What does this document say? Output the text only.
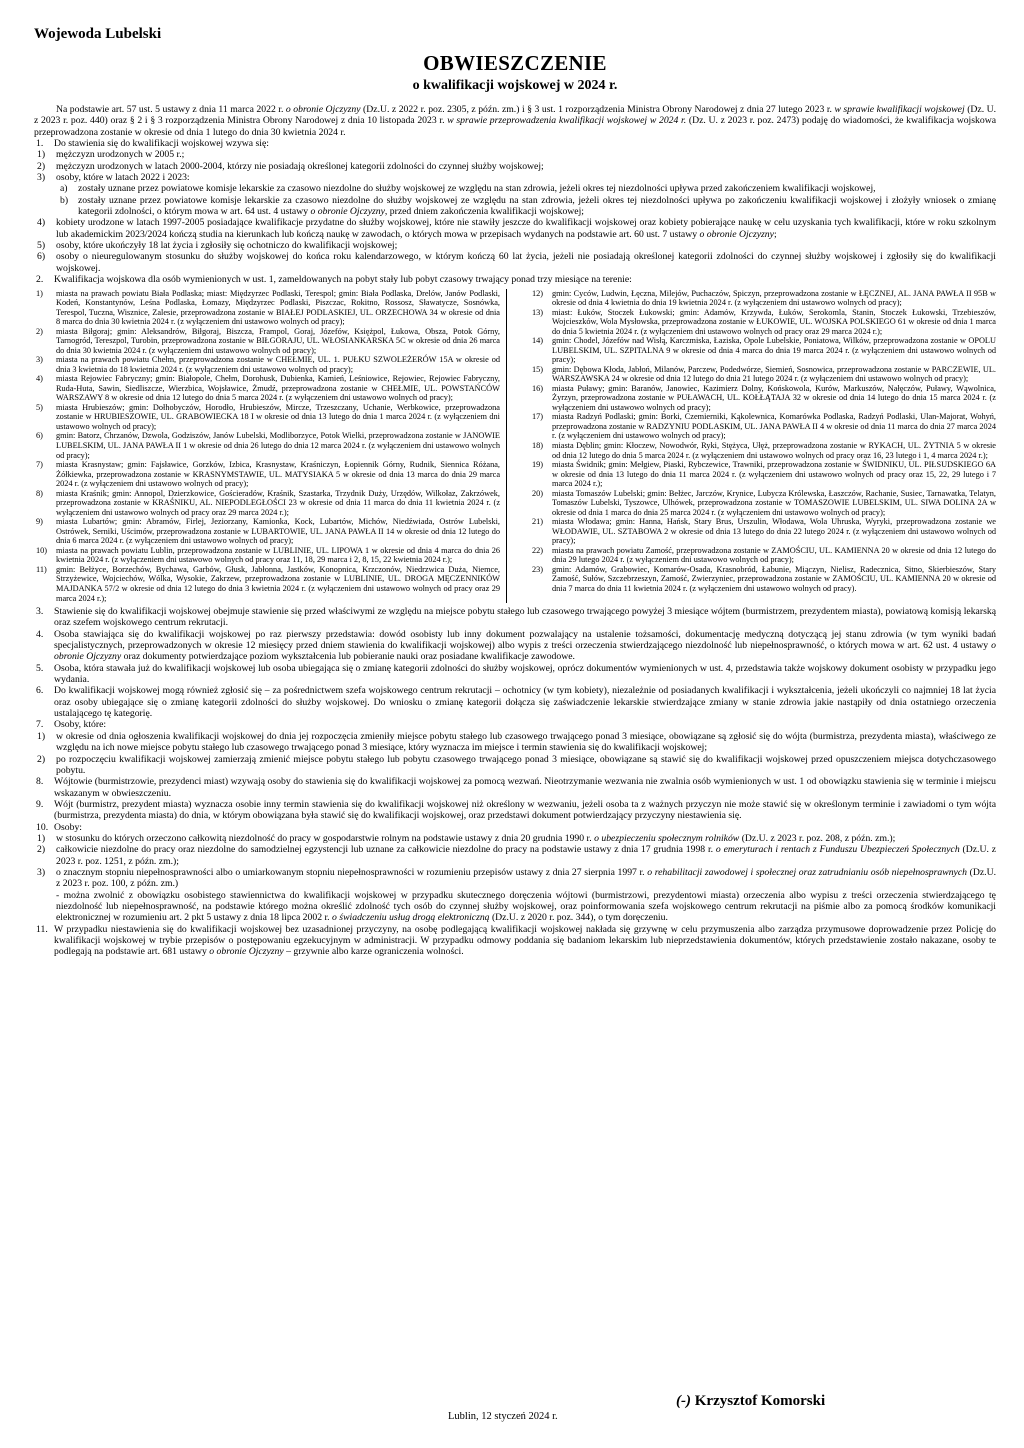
Wojewoda Lubelski
OBWIESZCZENIE
o kwalifikacji wojskowej w 2024 r.

Na podstawie art. 57 ust. 5 ustawy z dnia 11 marca 2022 r. o obronie Ojczyzny (Dz.U. z 2022 r. poz. 2305, z późn. zm.) i § 3 ust. 1 rozporządzenia Ministra Obrony Narodowej z dnia 27 lutego 2023 r. w sprawie kwalifikacji wojskowej (Dz. U. z 2023 r. poz. 440) oraz § 2 i § 3 rozporządzenia Ministra Obrony Narodowej z dnia 10 listopada 2023 r. w sprawie przeprowadzenia kwalifikacji wojskowej w 2024 r. (Dz. U. z 2023 r. poz. 2473) podaję do wiadomości, że kwalifikacja wojskowa przeprowadzona zostanie w okresie od dnia 1 lutego do dnia 30 kwietnia 2024 r.

1. Do stawienia się do kwalifikacji wojskowej wzywa się:

1) mężczyzn urodzonych w 2005 r.;

2) mężczyzn urodzonych w latach 2000-2004, którzy nie posiadają określonej kategorii zdolności do czynnej służby wojskowej;

3) osoby, które w latach 2022 i 2023:

a) zostały uznane przez powiatowe komisje lekarskie za czasowo niezdolne do służby wojskowej ze względu na stan zdrowia, jeżeli okres tej niezdolności upływa przed zakończeniem kwalifikacji wojskowej,

b) zostały uznane przez powiatowe komisje lekarskie za czasowo niezdolne do służby wojskowej ze względu na stan zdrowia, jeżeli okres tej niezdolności upływa po zakończeniu kwalifikacji wojskowej i złożyły wniosek o zmianę kategorii zdolności, o którym mowa w art. 64 ust. 4 ustawy o obronie Ojczyzny, przed dniem zakończenia kwalifikacji wojskowej;

4) kobiety urodzone w latach 1997-2005 posiadające kwalifikacje przydatne do służby wojskowej, które nie stawiły jeszcze do kwalifikacji wojskowej oraz kobiety pobierające naukę w celu uzyskania tych kwalifikacji, które w roku szkolnym lub akademickim 2023/2024 kończą studia na kierunkach lub kończą naukę w zawodach, o których mowa w przepisach wydanych na podstawie art. 60 ust. 7 ustawy o obronie Ojczyzny;

5) osoby, które ukończyły 18 lat życia i zgłosiły się ochotniczo do kwalifikacji wojskowej;

6) osoby o nieuregulowanym stosunku do służby wojskowej do końca roku kalendarzowego, w którym kończą 60 lat życia, jeżeli nie posiadają określonej kategorii zdolności do czynnej służby wojskowej i zgłosiły się do kwalifikacji wojskowej.

2. Kwalifikacja wojskowa dla osób wymienionych w ust. 1, zameldowanych na pobyt stały lub pobyt czasowy trwający ponad trzy miesiące na terenie:

1) miasta na prawach powiatu Biała Podlaska; miast: Międzyrzec Podlaski, Terespol; gmin: Biała Podlaska, Drelów, Janów Podlaski, Kodeń, Konstantynów, Leśna Podlaska, Łomazy, Międzyrzec Podlaski, Piszczac, Rokitno, Rossosz, Sławatycze, Sosnówka, Terespol, Tuczna, Wisznice, Zalesie, przeprowadzona zostanie w BIAŁEJ PODLASKIEJ, UL. ORZECHOWA 34 w okresie od dnia 8 marca do dnia 30 kwietnia 2024 r. (z wyłączeniem dni ustawowo wolnych od pracy);

2) miasta Biłgoraj; gmin: Aleksandrów, Biłgoraj, Biszcza, Frampol, Goraj, Józefów, Księżpol, Łukowa, Obsza, Potok Górny, Tarnogród, Tereszpol, Turobin, przeprowadzona zostanie w BIŁGORAJU, UL. WŁOSIANKARSKA 5C w okresie od dnia 26 marca do dnia 30 kwietnia 2024 r. (z wyłączeniem dni ustawowo wolnych od pracy);

3) miasta na prawach powiatu Chełm, przeprowadzona zostanie w CHEŁMIE, UL. 1. PUŁKU SZWOLEŻERÓW 15A w okresie od dnia 3 kwietnia do 18 kwietnia 2024 r. (z wyłączeniem dni ustawowo wolnych od pracy);

4) miasta Rejowiec Fabryczny; gmin: Białopole, Chełm, Dorohusk, Dubienka, Kamień, Leśniowice, Rejowiec, Rejowiec Fabryczny, Ruda-Huta, Sawin, Siedliszcze, Wierzbica, Wojsławice, Żmudź, przeprowadzona zostanie w CHEŁMIE, UL. POWSTAŃCÓW WARSZAWY 8 w okresie od dnia 12 lutego do dnia 5 marca 2024 r. (z wyłączeniem dni ustawowo wolnych od pracy);

5) miasta Hrubieszów; gmin: Dołhobyczów, Horodło, Hrubieszów, Mircze, Trzeszczany, Uchanie, Werbkowice, przeprowadzona zostanie w HRUBIESZOWIE, UL. GRABOWIECKA 18 I w okresie od dnia 13 lutego do dnia 1 marca 2024 r. (z wyłączeniem dni ustawowo wolnych od pracy);

6) gmin: Batorz, Chrzanów, Dzwola, Godziszów, Janów Lubelski, Modliborzyce, Potok Wielki, przeprowadzona zostanie w JANOWIE LUBELSKIM, UL. JANA PAWŁA II 1 w okresie od dnia 26 lutego do dnia 12 marca 2024 r. (z wyłączeniem dni ustawowo wolnych od pracy);

7) miasta Krasnystaw; gmin: Fajsławice, Gorzków, Izbica, Krasnystaw, Kraśniczyn, Łopiennik Górny, Rudnik, Siennica Różana, Żółkiewka, przeprowadzona zostanie w KRASNYMSTAWIE, UL. MATYSIAKA 5 w okresie od dnia 13 marca do dnia 29 marca 2024 r. (z wyłączeniem dni ustawowo wolnych od pracy);

8) miasta Kraśnik; gmin: Annopol, Dzierzkowice, Gościeradów, Kraśnik, Szastarka, Trzydnik Duży, Urzędów, Wilkołaz, Zakrzówek, przeprowadzona zostanie w KRAŚNIKU, AL. NIEPODLEGŁOŚCI 23 w okresie od dnia 11 marca do dnia 11 kwietnia 2024 r. (z wyłączeniem dni ustawowo wolnych od pracy oraz 29 marca 2024 r.);

9) miasta Lubartów; gmin: Abramów, Firlej, Jeziorzany, Kamionka, Kock, Lubartów, Michów, Niedźwiada, Ostrów Lubelski, Ostrówek, Serniki, Uścimów, przeprowadzona zostanie w LUBARTOWIE, UL. JANA PAWŁA II 14 w okresie od dnia 12 lutego do dnia 6 marca 2024 r. (z wyłączeniem dni ustawowo wolnych od pracy);

10) miasta na prawach powiatu Lublin, przeprowadzona zostanie w LUBLINIE, UL. LIPOWA 1 w okresie od dnia 4 marca do dnia 26 kwietnia 2024 r. (z wyłączeniem dni ustawowo wolnych od pracy oraz 11, 18, 29 marca i 2, 8, 15, 22 kwietnia 2024 r.);

11) gmin: Bełżyce, Borzechów, Bychawa, Garbów, Głusk, Jabłonna, Jastków, Konopnica, Krzczonów, Niedrzwica Duża, Niemce, Strzyżewice, Wojciechów, Wólka, Wysokie, Zakrzew, przeprowadzona zostanie w LUBLINIE, UL. DROGA MĘCZENNIKÓW MAJDANKA 57/2 w okresie od dnia 12 lutego do dnia 3 kwietnia 2024 r. (z wyłączeniem dni ustawowo wolnych od pracy oraz 29 marca 2024 r.);

12) gmin: Cyców, Ludwin, Łęczna, Milejów, Puchaczów, Spiczyn, przeprowadzona zostanie w ŁĘCZNEJ, AL. JANA PAWŁA II 95B w okresie od dnia 4 kwietnia do dnia 19 kwietnia 2024 r. (z wyłączeniem dni ustawowo wolnych od pracy);

13) miast: Łuków, Stoczek Łukowski; gmin: Adamów, Krzywda, Łuków, Serokomla, Stanin, Stoczek Łukowski, Trzebieszów, Wojcieszków, Wola Mysłowska, przeprowadzona zostanie w ŁUKOWIE, UL. WOJSKA POLSKIEGO 61 w okresie od dnia 1 marca do dnia 5 kwietnia 2024 r. (z wyłączeniem dni ustawowo wolnych od pracy oraz 29 marca 2024 r.);

14) gmin: Chodel, Józefów nad Wisłą, Karczmiska, Łaziska, Opole Lubelskie, Poniatowa, Wilków, przeprowadzona zostanie w OPOLU LUBELSKIM, UL. SZPITALNA 9 w okresie od dnia 4 marca do dnia 19 marca 2024 r. (z wyłączeniem dni ustawowo wolnych od pracy);

15) gmin: Dębowa Kłoda, Jabłoń, Milanów, Parczew, Podedwórze, Siemień, Sosnowica, przeprowadzona zostanie w PARCZEWIE, UL. WARSZAWSKA 24 w okresie od dnia 12 lutego do dnia 21 lutego 2024 r. (z wyłączeniem dni ustawowo wolnych od pracy);

16) miasta Puławy; gmin: Baranów, Janowiec, Kazimierz Dolny, Końskowola, Kurów, Markuszów, Nałęczów, Puławy, Wąwolnica, Żyrzyn, przeprowadzona zostanie w PUŁAWACH, UL. KOŁŁĄTAJA 32 w okresie od dnia 14 lutego do dnia 15 marca 2024 r. (z wyłączeniem dni ustawowo wolnych od pracy);

17) miasta Radzyń Podlaski; gmin: Borki, Czemierniki, Kąkolewnica, Komarówka Podlaska, Radzyń Podlaski, Ulan-Majorat, Wohyń, przeprowadzona zostanie w RADZYNIU PODLASKIM, UL. JANA PAWŁA II 4 w okresie od dnia 11 marca do dnia 27 marca 2024 r. (z wyłączeniem dni ustawowo wolnych od pracy);

18) miasta Dęblin; gmin: Kłoczew, Nowodwór, Ryki, Stężyca, Ułęż, przeprowadzona zostanie w RYKACH, UL. ŻYTNIA 5 w okresie od dnia 12 lutego do dnia 5 marca 2024 r. (z wyłączeniem dni ustawowo wolnych od pracy oraz 16, 23 lutego i 1, 4 marca 2024 r.);

19) miasta Świdnik; gmin: Mełgiew, Piaski, Rybczewice, Trawniki, przeprowadzona zostanie w ŚWIDNIKU, UL. PIŁSUDSKIEGO 6A w okresie od dnia 13 lutego do dnia 11 marca 2024 r. (z wyłączeniem dni ustawowo wolnych od pracy oraz 15, 22, 29 lutego i 7 marca 2024 r.);

20) miasta Tomaszów Lubelski; gmin: Bełżec, Jarczów, Krynice, Lubycza Królewska, Łaszczów, Rachanie, Susiec, Tarnawatka, Telatyn, Tomaszów Lubelski, Tyszowce, Ulhówek, przeprowadzona zostanie w TOMASZOWIE LUBELSKIM, UL. SIWA DOLINA 2A w okresie od dnia 1 marca do dnia 25 marca 2024 r. (z wyłączeniem dni ustawowo wolnych od pracy);

21) miasta Włodawa; gmin: Hanna, Hańsk, Stary Brus, Urszulin, Włodawa, Wola Uhruska, Wyryki, przeprowadzona zostanie we WŁODAWIE, UL. SZTABOWA 2 w okresie od dnia 13 lutego do dnia 22 lutego 2024 r. (z wyłączeniem dni ustawowo wolnych od pracy);

22) miasta na prawach powiatu Zamość, przeprowadzona zostanie w ZAMOŚCIU, UL. KAMIENNA 20 w okresie od dnia 12 lutego do dnia 29 lutego 2024 r. (z wyłączeniem dni ustawowo wolnych od pracy);

23) gmin: Adamów, Grabowiec, Komarów-Osada, Krasnobród, Łabunie, Miączyn, Nielisz, Radecznica, Sitno, Skierbieszów, Stary Zamość, Sułów, Szczebrzeszyn, Zamość, Zwierzyniec, przeprowadzona zostanie w ZAMOŚCIU, UL. KAMIENNA 20 w okresie od dnia 7 marca do dnia 11 kwietnia 2024 r. (z wyłączeniem dni ustawowo wolnych od pracy).

3. Stawienie się do kwalifikacji wojskowej obejmuje stawienie się przed właściwymi ze względu na miejsce pobytu stałego lub czasowego trwającego powyżej 3 miesiące wójtem (burmistrzem, prezydentem miasta), powiatową komisją lekarską oraz szefem wojskowego centrum rekrutacji.

4. Osoba stawiająca się do kwalifikacji wojskowej po raz pierwszy przedstawia: dowód osobisty lub inny dokument pozwalający na ustalenie tożsamości, dokumentację medyczną dotyczącą jej stanu zdrowia (w tym wyniki badań specjalistycznych, przeprowadzonych w okresie 12 miesięcy przed dniem stawienia do kwalifikacji wojskowej) albo wypis z treści orzeczenia stwierdzającego niezdolność lub niepełnosprawność, o których mowa w art. 62 ust. 4 ustawy o obronie Ojczyzny oraz dokumenty potwierdzające poziom wykształcenia lub pobieranie nauki oraz posiadane kwalifikacje zawodowe.

5. Osoba, która stawała już do kwalifikacji wojskowej lub osoba ubiegająca się o zmianę kategorii zdolności do służby wojskowej, oprócz dokumentów wymienionych w ust. 4, przedstawia także wojskowy dokument osobisty w przypadku jego wydania.

6. Do kwalifikacji wojskowej mogą również zgłosić się – za pośrednictwem szefa wojskowego centrum rekrutacji – ochotnicy (w tym kobiety), niezależnie od posiadanych kwalifikacji i wykształcenia, jeżeli ukończyli co najmniej 18 lat życia oraz osoby ubiegające się o zmianę kategorii zdolności do służby wojskowej. Do wniosku o zmianę kategorii dołącza się zaświadczenie lekarskie stwierdzające zmiany w stanie zdrowia jakie nastąpiły od dnia ostatniego orzeczenia ustalającego tę kategorię.

7. Osoby, które:

1) w okresie od dnia ogłoszenia kwalifikacji wojskowej do dnia jej rozpoczęcia zmieniły miejsce pobytu stałego lub czasowego trwającego ponad 3 miesiące, obowiązane są zgłosić się do wójta (burmistrza, prezydenta miasta), właściwego ze względu na ich nowe miejsce pobytu stałego lub czasowego trwającego ponad 3 miesiące, który wyznacza im miejsce i termin stawienia się do kwalifikacji wojskowej;

2) po rozpoczęciu kwalifikacji wojskowej zamierzają zmienić miejsce pobytu stałego lub pobytu czasowego trwającego ponad 3 miesiące, obowiązane są stawić się do kwalifikacji wojskowej przed opuszczeniem miejsca dotychczasowego pobytu.

8. Wójtowie (burmistrzowie, prezydenci miast) wzywają osoby do stawienia się do kwalifikacji wojskowej za pomocą wezwań. Nieotrzymanie wezwania nie zwalnia osób wymienionych w ust. 1 od obowiązku stawienia się w terminie i miejscu wskazanym w obwieszczeniu.

9. Wójt (burmistrz, prezydent miasta) wyznacza osobie inny termin stawienia się do kwalifikacji wojskowej niż określony w wezwaniu, jeżeli osoba ta z ważnych przyczyn nie może stawić się w określonym terminie i zawiadomi o tym wójta (burmistrza, prezydenta miasta) do dnia, w którym obowiązana była stawić się do kwalifikacji wojskowej, oraz przedstawi dokument potwierdzający przyczyny niestawienia się.

10. Osoby:

1) w stosunku do których orzeczono całkowitą niezdolność do pracy w gospodarstwie rolnym na podstawie ustawy z dnia 20 grudnia 1990 r. o ubezpieczeniu społecznym rolników (Dz.U. z 2023 r. poz. 208, z późn. zm.);

2) całkowicie niezdolne do pracy oraz niezdolne do samodzielnej egzystencji lub uznane za całkowicie niezdolne do pracy na podstawie ustawy z dnia 17 grudnia 1998 r. o emeryturach i rentach z Funduszu Ubezpieczeń Społecznych (Dz.U. z 2023 r. poz. 1251, z późn. zm.);

3) o znacznym stopniu niepełnosprawności albo o umiarkowanym stopniu niepełnosprawności w rozumieniu przepisów ustawy z dnia 27 sierpnia 1997 r. o rehabilitacji zawodowej i społecznej oraz zatrudnianiu osób niepełnosprawnych (Dz.U. z 2023 r. poz. 100, z późn. zm.)

- można zwolnić z obowiązku osobistego stawiennictwa do kwalifikacji wojskowej w przypadku skutecznego doręczenia wójtowi (burmistrzowi, prezydentowi miasta) orzeczenia albo wypisu z treści orzeczenia stwierdzającego tę niezdolność lub niepełnosprawność, na podstawie którego można określić zdolność tych osób do czynnej służby wojskowej, oraz poinformowania szefa wojskowego centrum rekrutacji na piśmie albo za pomocą środków komunikacji elektronicznej w rozumieniu art. 2 pkt 5 ustawy z dnia 18 lipca 2002 r. o świadczeniu usług drogą elektroniczną (Dz.U. z 2020 r. poz. 344), o tym doręczeniu.

11. W przypadku niestawienia się do kwalifikacji wojskowej bez uzasadnionej przyczyny, na osobę podlegającą kwalifikacji wojskowej nakłada się grzywnę w celu przymuszenia albo zarządza przymusowe doprowadzenie przez Policję do kwalifikacji wojskowej w trybie przepisów o postępowaniu egzekucyjnym w administracji. W przypadku odmowy poddania się badaniom lekarskim lub nieprzedstawienia dokumentów, których przedstawienie zostało nakazane, osoby te podlegają na podstawie art. 681 ustawy o obronie Ojczyzny – grzywnie albo karze ograniczenia wolności.

(-) Krzysztof Komorski
Lublin, 12 styczeń 2024 r.
